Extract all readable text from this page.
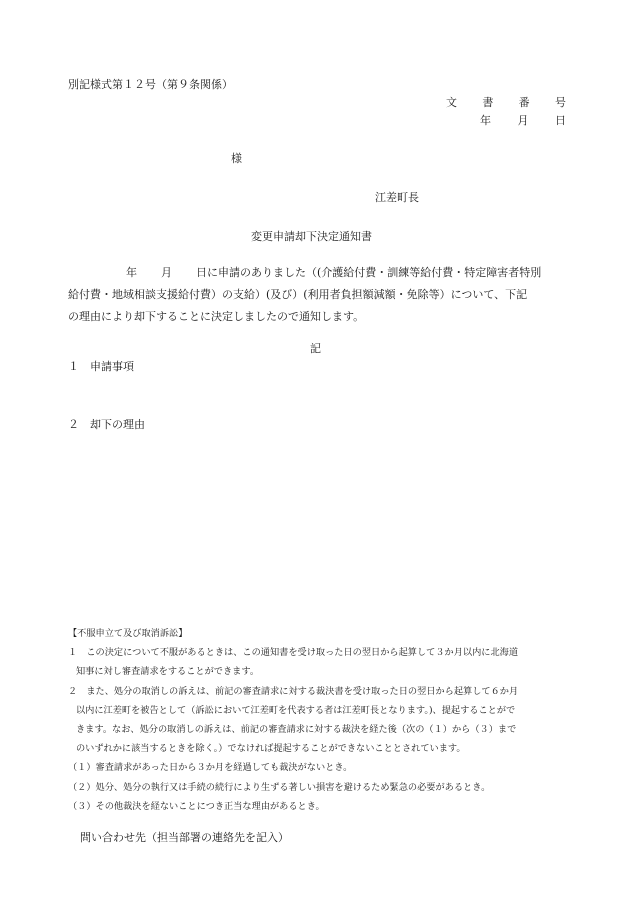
別記様式第１２号（第９条関係）
文 書 番 号
年 月 日
様
江差町長
変更申請却下決定通知書
年 月 日に申請のありました（(介護給付費・訓練等給付費・特定障害者特別
給付費・地域相談支援給付費）の支給）(及び）(利用者負担額減額・免除等）について、下記
の理由により却下することに決定しましたので通知します。
記
１　申請事項
２　却下の理由
【不服申立て及び取消訴訟】
１　この決定について不服があるときは、この通知書を受け取った日の翌日から起算して３か月以内に北海道
知事に対し審査請求をすることができます。
２　また、処分の取消しの訴えは、前記の審査請求に対する裁決書を受け取った日の翌日から起算して６か月
以内に江差町を被告として（訴訟において江差町を代表する者は江差町長となります。)、提起することがで
きます。なお、処分の取消しの訴えは、前記の審査請求に対する裁決を経た後（次の（１）から（３）まで
のいずれかに該当するときを除く。）でなければ提起することができないこととされています。
（１）審査請求があった日から３か月を経過しても裁決がないとき。
（２）処分、処分の執行又は手続の続行により生ずる著しい損害を避けるため緊急の必要があるとき。
（３）その他裁決を経ないことにつき正当な理由があるとき。
問い合わせ先（担当部署の連絡先を記入）
